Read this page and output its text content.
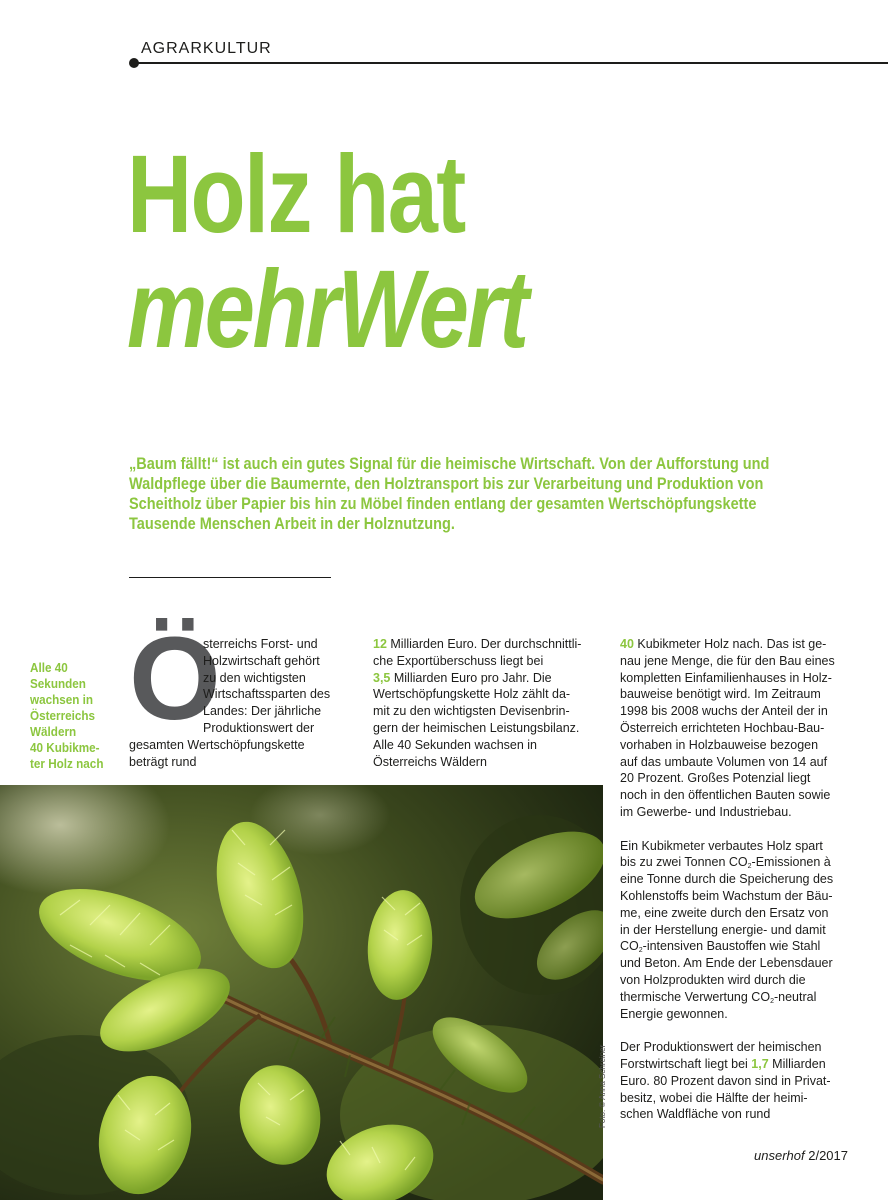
AGRARKULTUR
Holz hat
mehrWert
„Baum fällt!“ ist auch ein gutes Signal für die heimische Wirtschaft. Von der Aufforstung und
Waldpflege über die Baumernte, den Holztransport bis zur Verarbeitung und Produktion von
Scheitholz über Papier bis hin zu Möbel finden entlang der gesamten Wertschöpfungskette
Tausende Menschen Arbeit in der Holznutzung.
Alle 40
Sekunden
wachsen in
Österreichs
Wäldern
40 Kubikme-
ter Holz nach
Ö
sterreichs Forst- und
Holzwirtschaft gehört
zu den wichtigsten
Wirtschaftssparten des
Landes: Der jährliche
Produktionswert der
gesamten Wertschöpfungskette
beträgt rund
12 Milliarden Euro. Der durchschnittli-
che Exportüberschuss liegt bei
3,5 Milliarden Euro pro Jahr. Die
Wertschöpfungskette Holz zählt da-
mit zu den wichtigsten Devisenbrin-
gern der heimischen Leistungsbilanz.
Alle 40 Sekunden wachsen in
Österreichs Wäldern
40 Kubikmeter Holz nach. Das ist ge-
nau jene Menge, die für den Bau eines
kompletten Einfamilienhauses in Holz-
bauweise benötigt wird. Im Zeitraum
1998 bis 2008 wuchs der Anteil der in
Österreich errichteten Hochbau-Bau-
vorhaben in Holzbauweise bezogen
auf das umbaute Volumen von 14 auf
20 Prozent. Großes Potenzial liegt
noch in den öffentlichen Bauten sowie
im Gewerbe- und Industriebau.
Ein Kubikmeter verbautes Holz spart
bis zu zwei Tonnen $CO_2$-Emissionen à
eine Tonne durch die Speicherung des
Kohlenstoffs beim Wachstum der Bäu-
me, eine zweite durch den Ersatz von
in der Herstellung energie- und damit
$CO_2$-intensiven Baustoffen wie Stahl
und Beton. Am Ende der Lebensdauer
von Holzprodukten wird durch die
thermische Verwertung $CO_2$-neutral
Energie gewonnen.
Der Produktionswert der heimischen
Forstwirtschaft liegt bei 1,7 Milliarden
Euro. 80 Prozent davon sind in Privat-
besitz, wobei die Hälfte der heimi-
schen Waldfläche von rund
Foto: © Anna Schreiner
unserhof 2/2017
